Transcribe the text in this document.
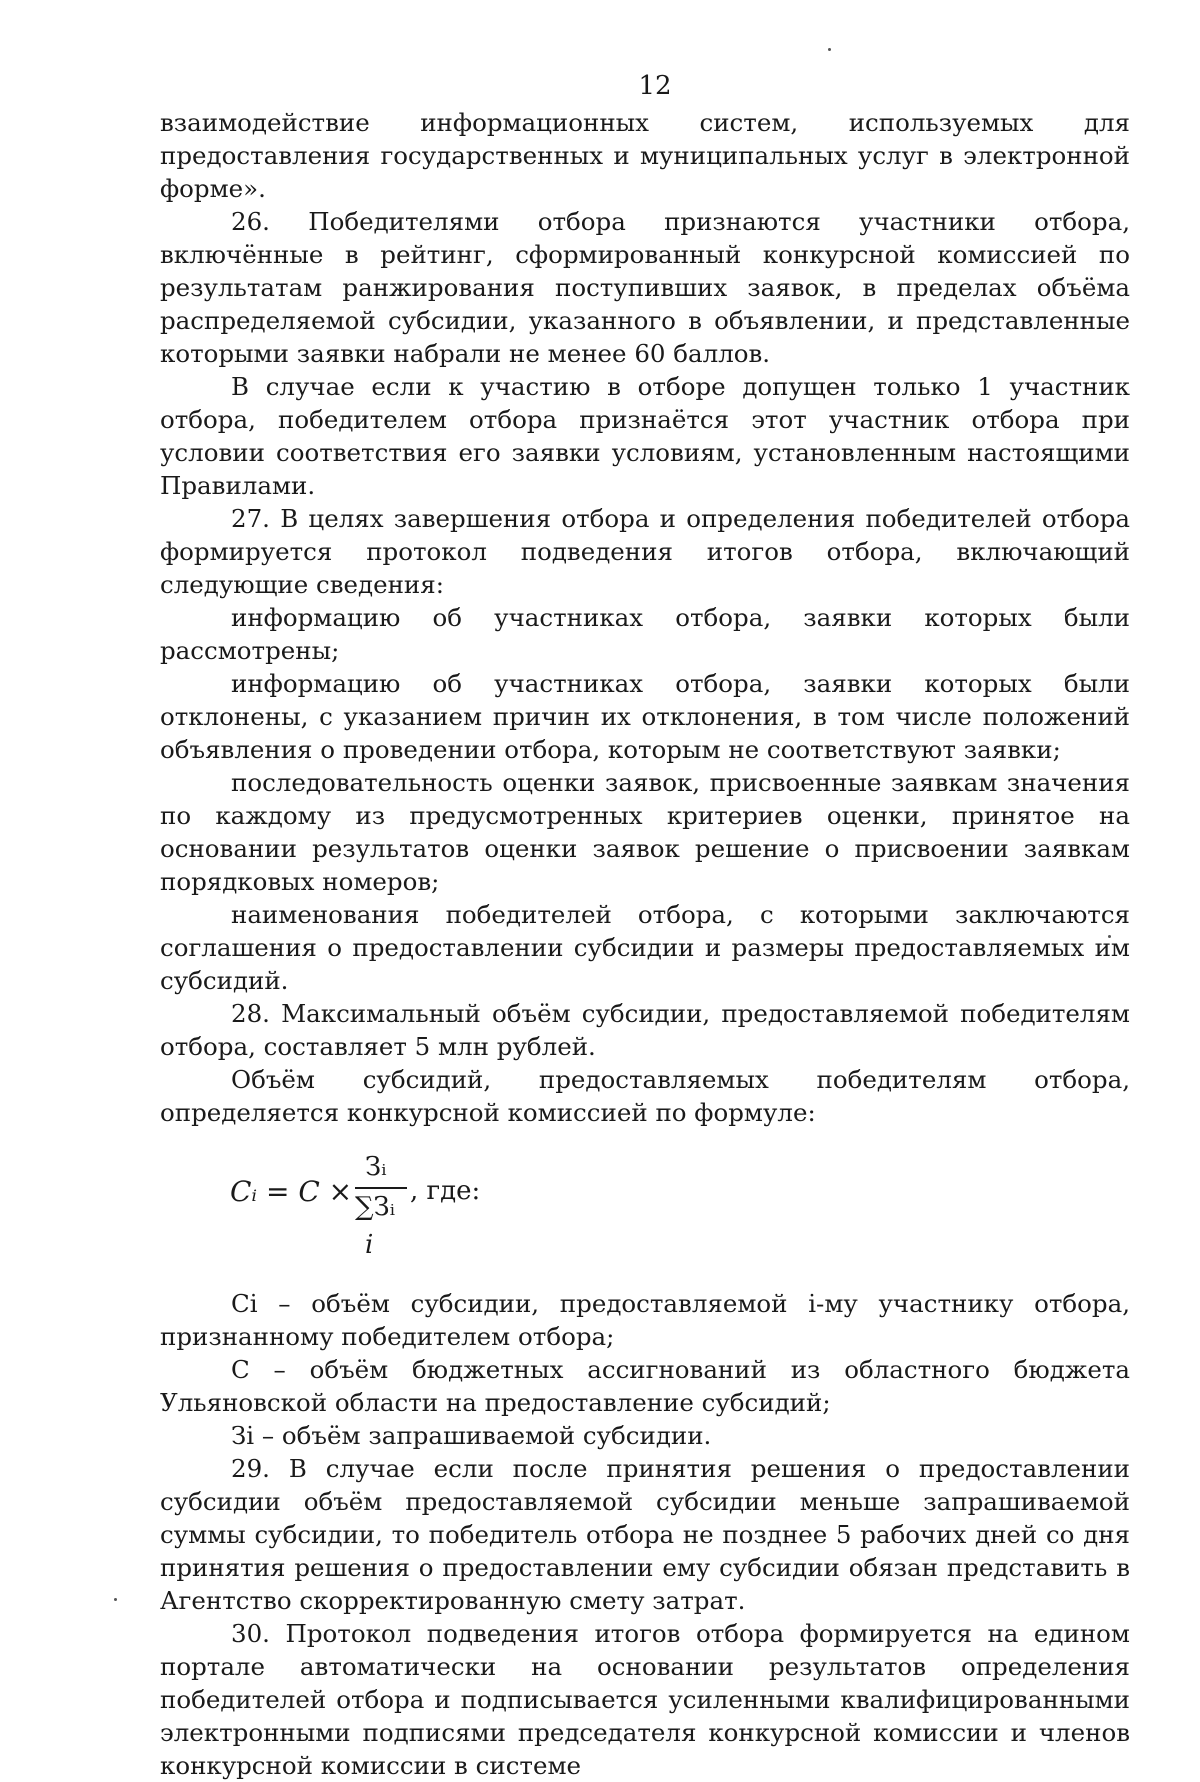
12

взаимодействие информационных систем, используемых для предоставления государственных и муниципальных услуг в электронной форме».

26. Победителями отбора признаются участники отбора, включённые в рейтинг, сформированный конкурсной комиссией по результатам ранжирования поступивших заявок, в пределах объёма распределяемой субсидии, указанного в объявлении, и представленные которыми заявки набрали не менее 60 баллов.

В случае если к участию в отборе допущен только 1 участник отбора, победителем отбора признаётся этот участник отбора при условии соответствия его заявки условиям, установленным настоящими Правилами.

27. В целях завершения отбора и определения победителей отбора формируется протокол подведения итогов отбора, включающий следующие сведения:

информацию об участниках отбора, заявки которых были рассмотрены;

информацию об участниках отбора, заявки которых были отклонены, с указанием причин их отклонения, в том числе положений объявления о проведении отбора, которым не соответствуют заявки;

последовательность оценки заявок, присвоенные заявкам значения по каждому из предусмотренных критериев оценки, принятое на основании результатов оценки заявок решение о присвоении заявкам порядковых номеров;

наименования победителей отбора, с которыми заключаются соглашения о предоставлении субсидии и размеры предоставляемых им субсидий.

28. Максимальный объём субсидии, предоставляемой победителям отбора, составляет 5 млн рублей.

Объём субсидий, предоставляемых победителям отбора, определяется конкурсной комиссией по формуле:

Cᵢ = C ×
Зᵢ
∑Зᵢ
, где:
i

Сi – объём субсидии, предоставляемой i-му участнику отбора, признанному победителем отбора;

С – объём бюджетных ассигнований из областного бюджета Ульяновской области на предоставление субсидий;

Зi – объём запрашиваемой субсидии.

29. В случае если после принятия решения о предоставлении субсидии объём предоставляемой субсидии меньше запрашиваемой суммы субсидии, то победитель отбора не позднее 5 рабочих дней со дня принятия решения о предоставлении ему субсидии обязан представить в Агентство скорректированную смету затрат.

30. Протокол подведения итогов отбора формируется на едином портале автоматически на основании результатов определения победителей отбора и подписывается усиленными квалифицированными электронными подписями председателя конкурсной комиссии и членов конкурсной комиссии в системе
